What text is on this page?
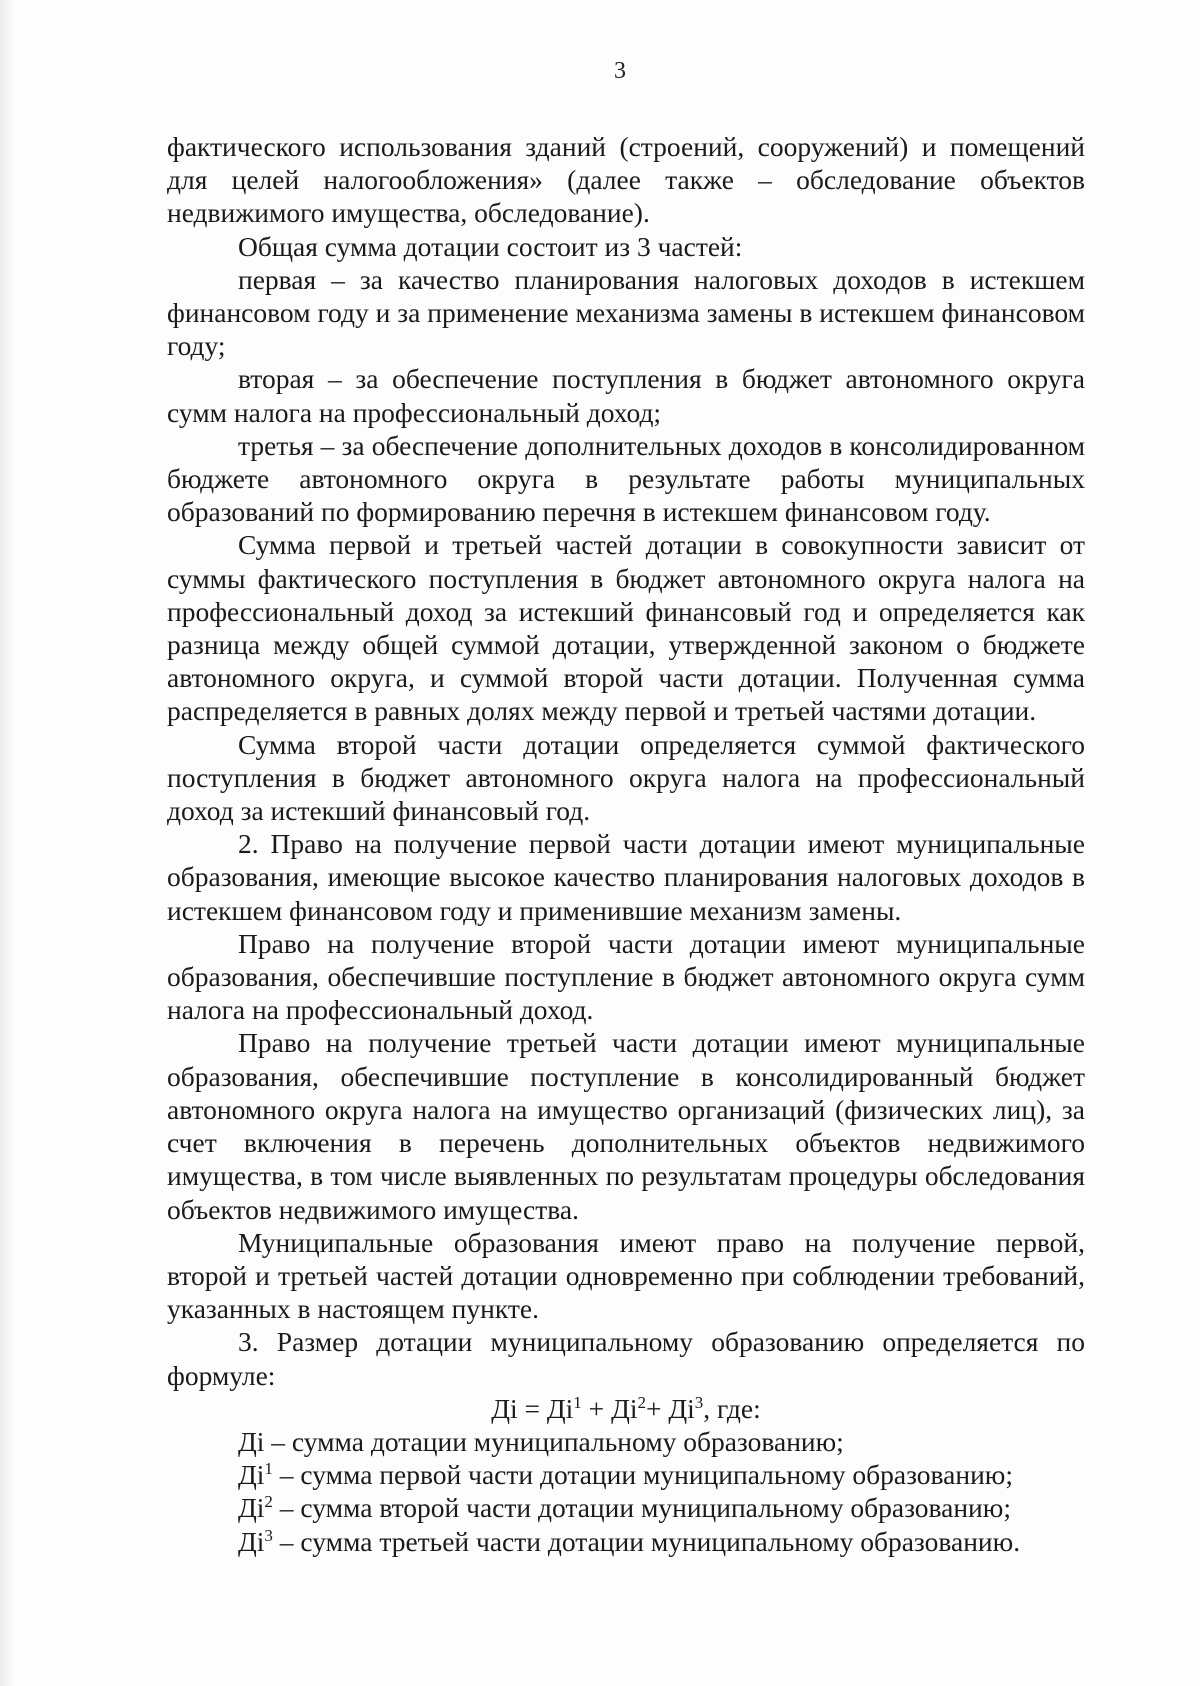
3

фактического использования зданий (строений, сооружений) и помещений для целей налогообложения» (далее также – обследование объектов недвижимого имущества, обследование).

Общая сумма дотации состоит из 3 частей:

первая – за качество планирования налоговых доходов в истекшем финансовом году и за применение механизма замены в истекшем финансовом году;

вторая – за обеспечение поступления в бюджет автономного округа сумм налога на профессиональный доход;

третья – за обеспечение дополнительных доходов в консолидированном бюджете автономного округа в результате работы муниципальных образований по формированию перечня в истекшем финансовом году.

Сумма первой и третьей частей дотации в совокупности зависит от суммы фактического поступления в бюджет автономного округа налога на профессиональный доход за истекший финансовый год и определяется как разница между общей суммой дотации, утвержденной законом о бюджете автономного округа, и суммой второй части дотации. Полученная сумма распределяется в равных долях между первой и третьей частями дотации.

Сумма второй части дотации определяется суммой фактического поступления в бюджет автономного округа налога на профессиональный доход за истекший финансовый год.

2. Право на получение первой части дотации имеют муниципальные образования, имеющие высокое качество планирования налоговых доходов в истекшем финансовом году и применившие механизм замены.

Право на получение второй части дотации имеют муниципальные образования, обеспечившие поступление в бюджет автономного округа сумм налога на профессиональный доход.

Право на получение третьей части дотации имеют муниципальные образования, обеспечившие поступление в консолидированный бюджет автономного округа налога на имущество организаций (физических лиц), за счет включения в перечень дополнительных объектов недвижимого имущества, в том числе выявленных по результатам процедуры обследования объектов недвижимого имущества.

Муниципальные образования имеют право на получение первой, второй и третьей частей дотации одновременно при соблюдении требований, указанных в настоящем пункте.

3. Размер дотации муниципальному образованию определяется по формуле:

Дi = $Дi^1 + Дi^2+ Дi^3$, где:

Дi – сумма дотации муниципальному образованию;

$Дi^1$ – сумма первой части дотации муниципальному образованию;

$Дi^2$ – сумма второй части дотации муниципальному образованию;

$Дi^3$ – сумма третьей части дотации муниципальному образованию.
